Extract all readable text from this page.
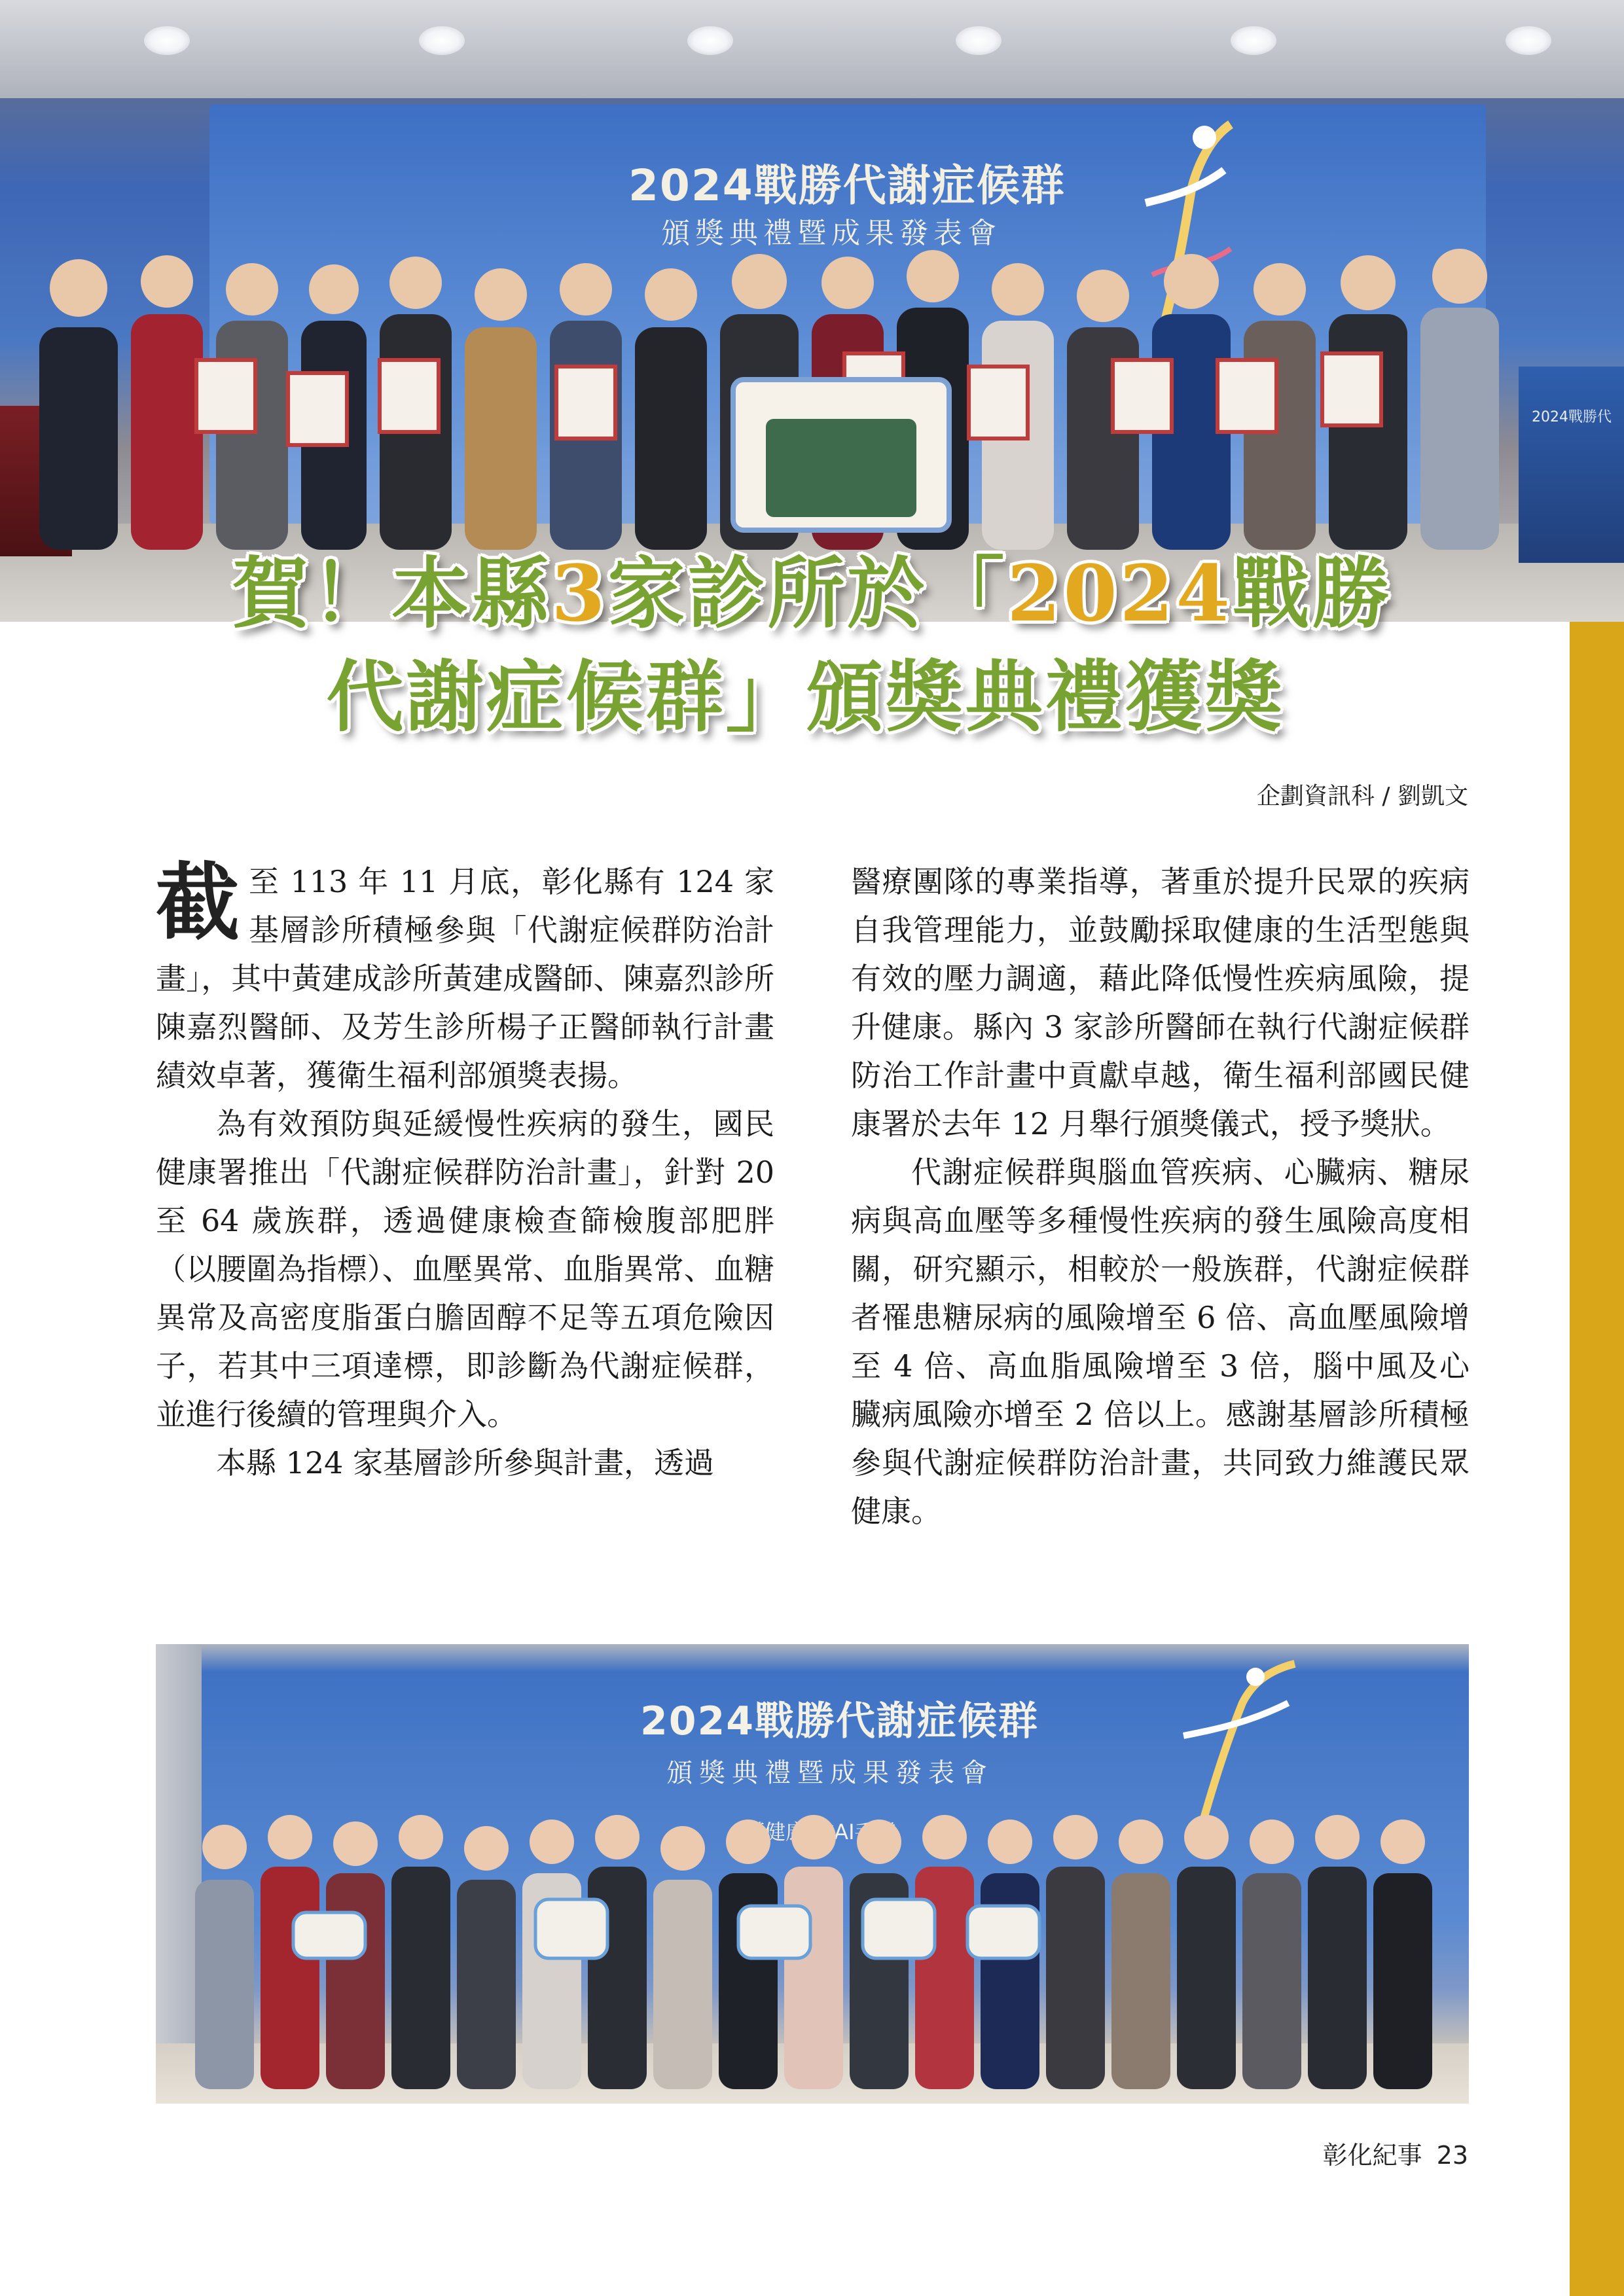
2024戰勝代謝症候群
頒獎典禮暨成果發表會
2024戰勝代
賀！本縣3家診所於「2024戰勝
代謝症候群」頒獎典禮獲獎
企劃資訊科 / 劉凱文

截至 113 年 11 月底，彰化縣有 124 家基層診所積極參與「代謝症候群防治計畫」，其中黃建成診所黃建成醫師、陳嘉烈診所陳嘉烈醫師、及芳生診所楊子正醫師執行計畫績效卓著，獲衛生福利部頒獎表揚。

為有效預防與延緩慢性疾病的發生，國民健康署推出「代謝症候群防治計畫」，針對 20 至 64 歲族群，透過健康檢查篩檢腹部肥胖（以腰圍為指標）、血壓異常、血脂異常、血糖異常及高密度脂蛋白膽固醇不足等五項危險因子，若其中三項達標，即診斷為代謝症候群，並進行後續的管理與介入。

本縣 124 家基層診所參與計畫，透過

醫療團隊的專業指導，著重於提升民眾的疾病自我管理能力，並鼓勵採取健康的生活型態與有效的壓力調適，藉此降低慢性疾病風險，提升健康。縣內 3 家診所醫師在執行代謝症候群防治工作計畫中貢獻卓越，衛生福利部國民健康署於去年 12 月舉行頒獎儀式，授予獎狀。

代謝症候群與腦血管疾病、心臟病、糖尿病與高血壓等多種慢性疾病的發生風險高度相關，研究顯示，相較於一般族群，代謝症候群者罹患糖尿病的風險增至 6 倍、高血壓風險增至 4 倍、高血脂風險增至 3 倍，腦中風及心臟病風險亦增至 2 倍以上。感謝基層診所積極參與代謝症候群防治計畫，共同致力維護民眾健康。

2024戰勝代謝症候群
頒獎典禮暨成果發表會
護健康 拿AI手機
彰化紀事 23
